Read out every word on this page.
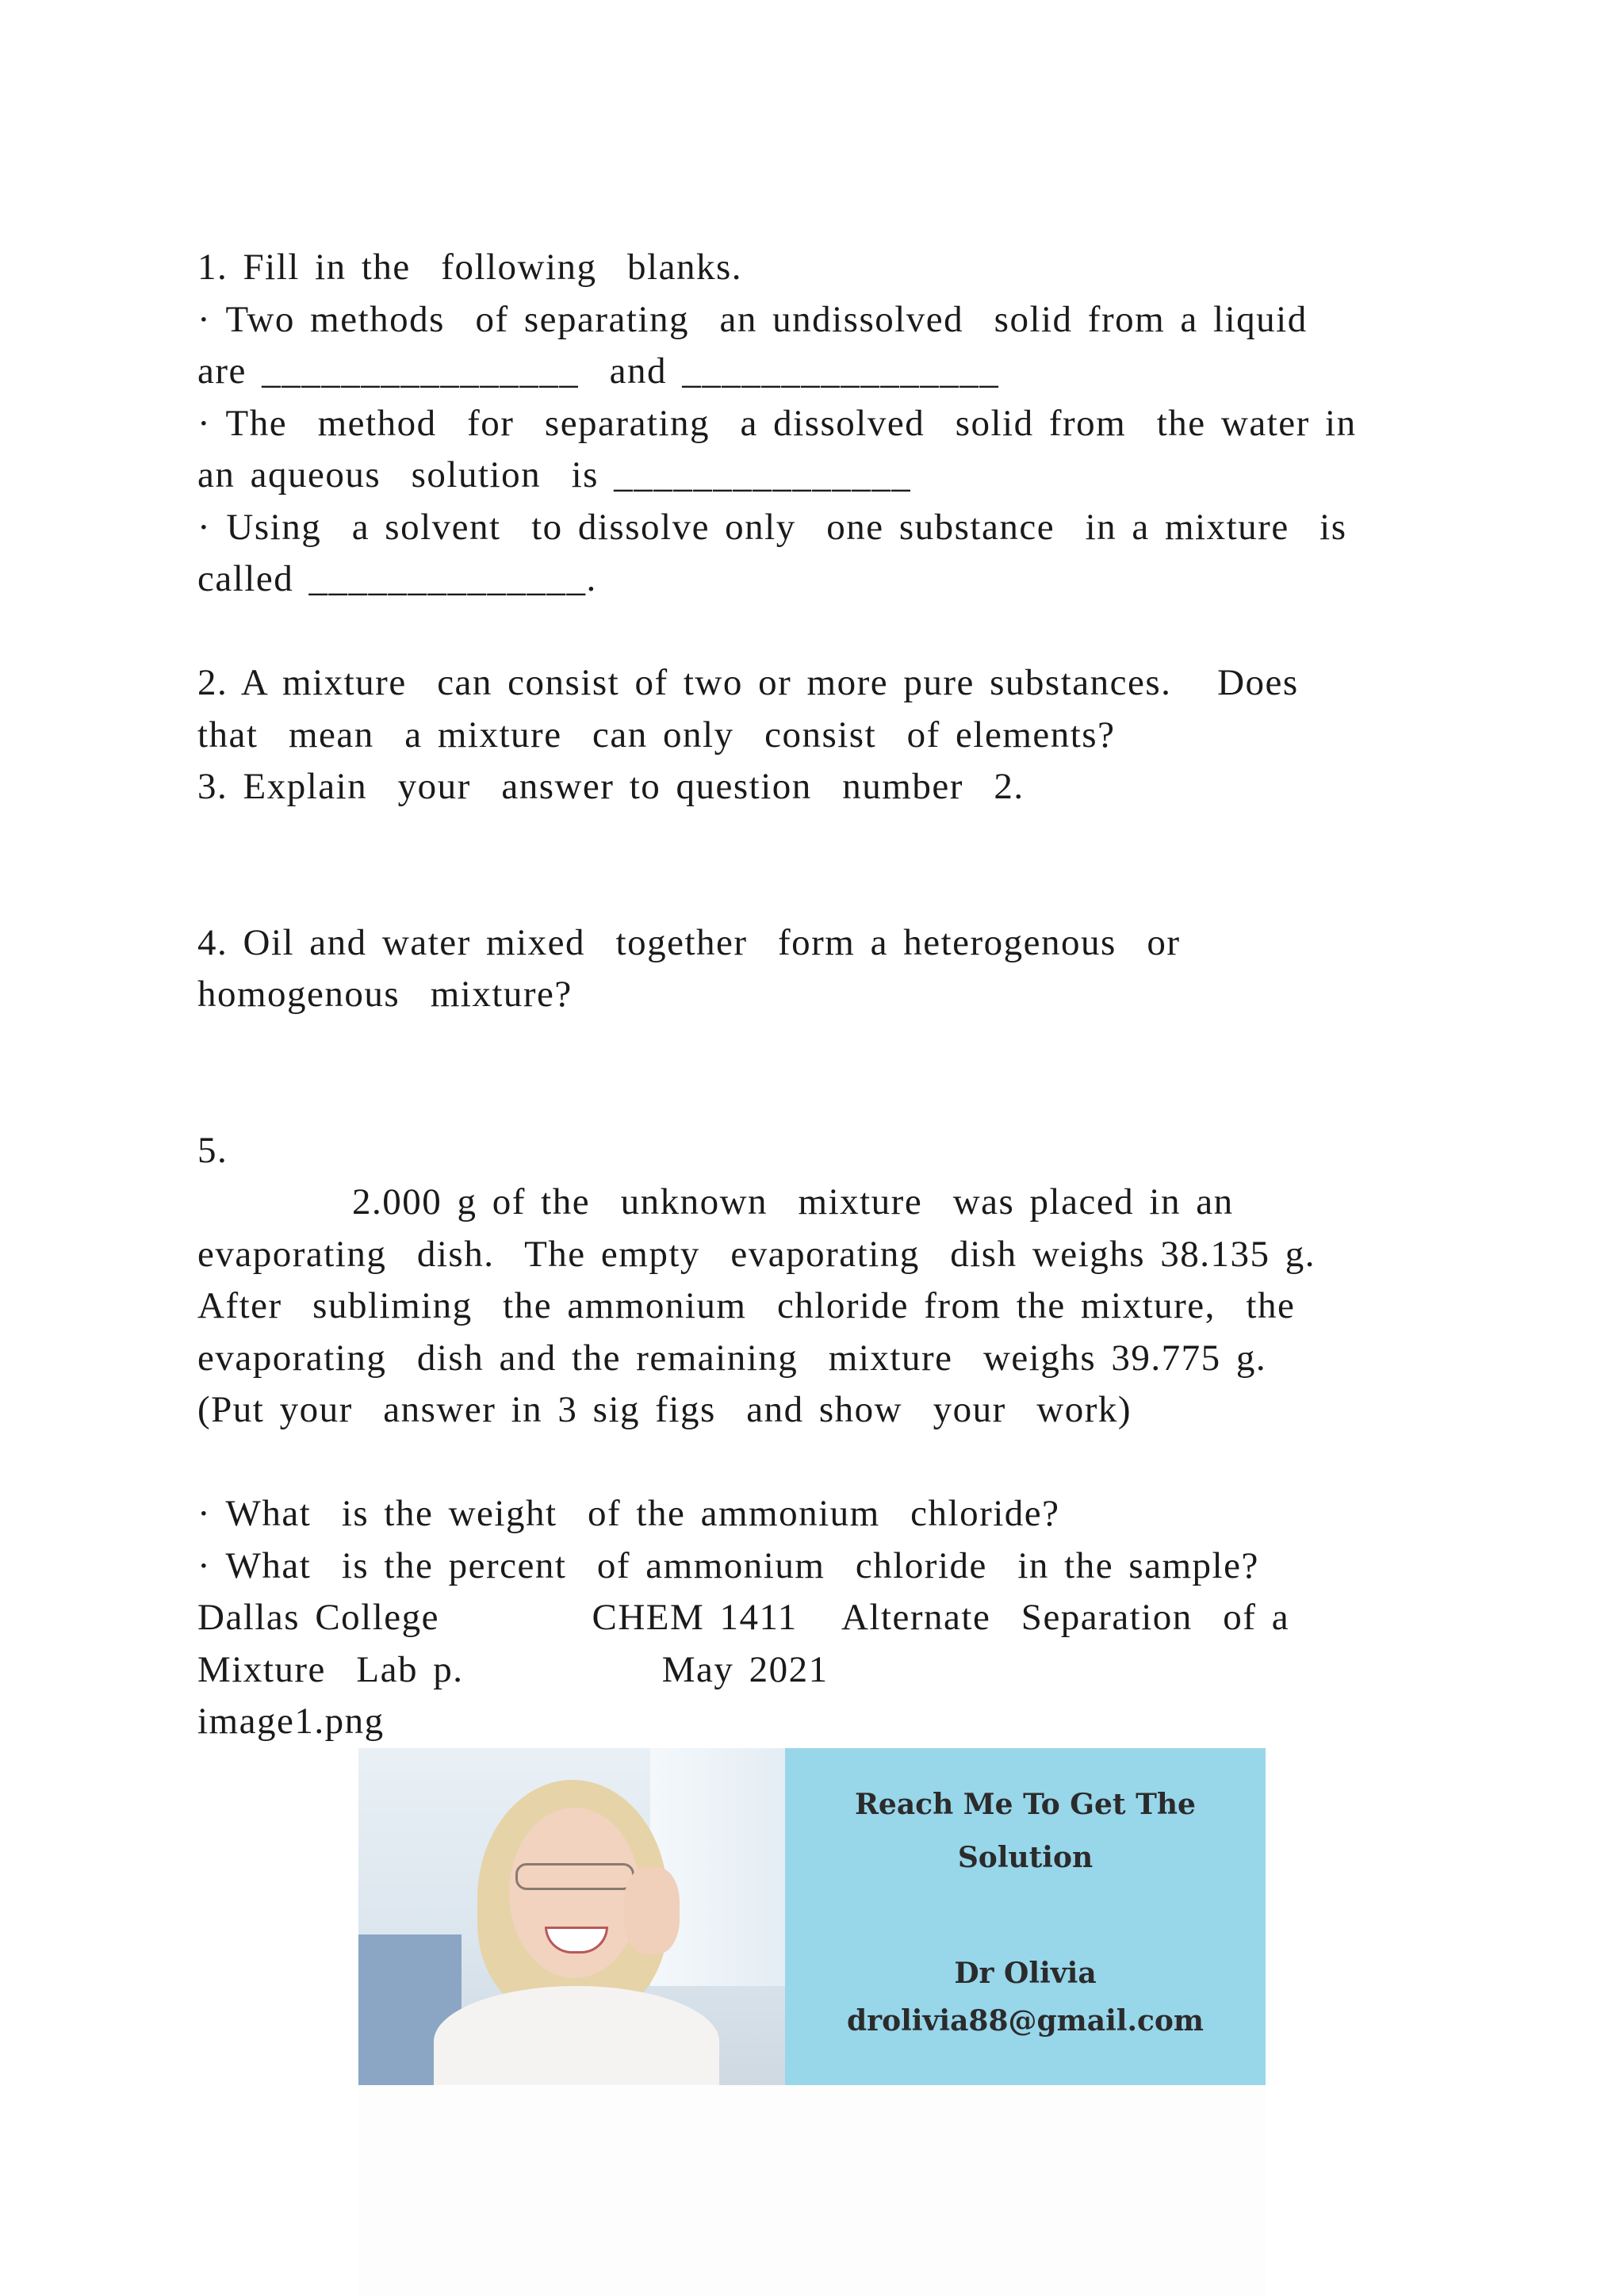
1. Fill in the  following  blanks.
· Two methods  of separating  an undissolved  solid from a liquid
are ________________  and ________________
· The  method  for  separating  a dissolved  solid from  the water in
an aqueous  solution  is _______________
· Using  a solvent  to dissolve only  one substance  in a mixture  is
called ______________.
2. A mixture  can consist of two or more pure substances.   Does
that  mean  a mixture  can only  consist  of elements?
3. Explain  your  answer to question  number  2.
4. Oil and water mixed  together  form a heterogenous  or
homogenous  mixture?
5.
2.000 g of the  unknown  mixture  was placed in an
evaporating  dish.  The empty  evaporating  dish weighs 38.135 g.
After  subliming  the ammonium  chloride from the mixture,  the
evaporating  dish and the remaining  mixture  weighs 39.775 g.
(Put your  answer in 3 sig figs  and show  your  work)
· What  is the weight  of the ammonium  chloride?
· What  is the percent  of ammonium  chloride  in the sample?
Dallas College          CHEM 1411   Alternate  Separation  of a
Mixture  Lab p.             May 2021
image1.png
Reach Me To Get The
Solution
Dr Olivia
drolivia88@gmail.com
